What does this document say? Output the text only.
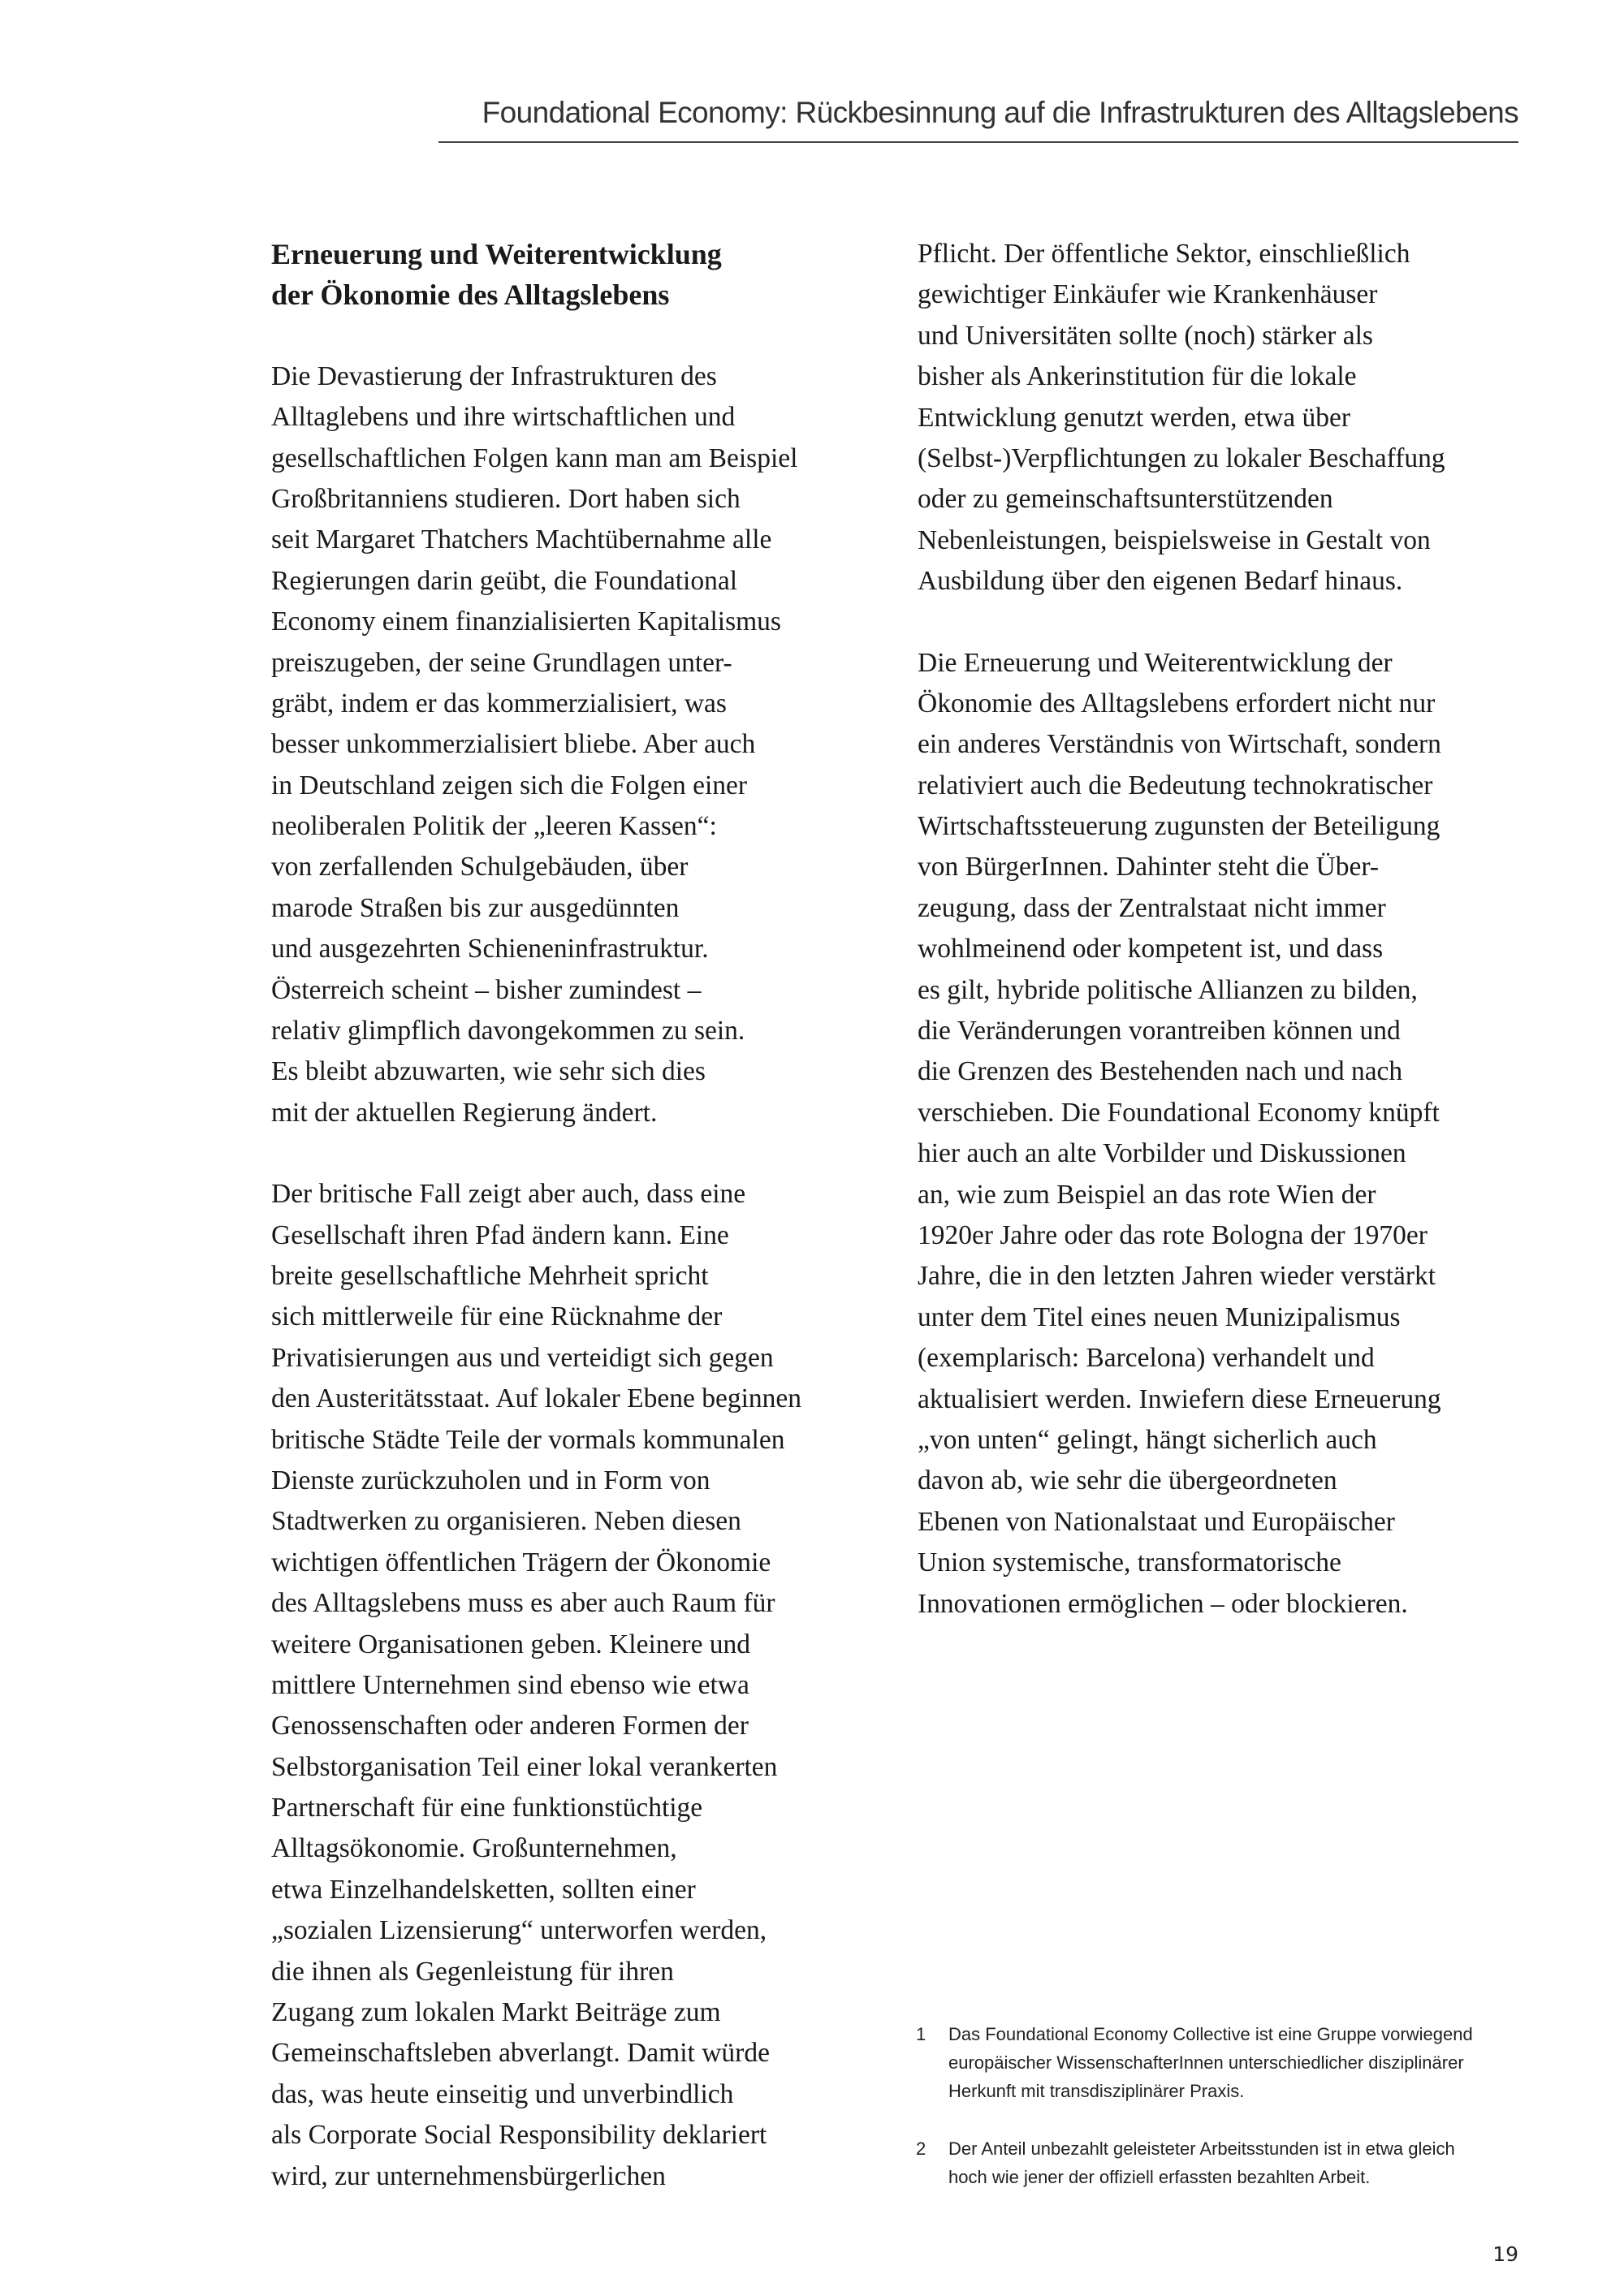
Foundational Economy: Rückbesinnung auf die Infrastrukturen des Alltagslebens
Erneuerung und Weiterentwicklung
der Ökonomie des Alltagslebens
Die Devastierung der Infrastrukturen des
Alltaglebens und ihre wirtschaftlichen und
gesellschaftlichen Folgen kann man am Beispiel
Großbritanniens studieren. Dort haben sich
seit Margaret Thatchers Machtübernahme alle
Regierungen darin geübt, die Foundational
Economy einem finanzialisierten Kapitalismus
preiszugeben, der seine Grundlagen unter-
gräbt, indem er das kommerzialisiert, was
besser unkommerzialisiert bliebe. Aber auch
in Deutschland zeigen sich die Folgen einer
neoliberalen Politik der „leeren Kassen“:
von zerfallenden Schulgebäuden, über
marode Straßen bis zur ausgedünnten
und ausgezehrten Schieneninfrastruktur.
Österreich scheint – bisher zumindest –
relativ glimpflich davongekommen zu sein.
Es bleibt abzuwarten, wie sehr sich dies
mit der aktuellen Regierung ändert.
Der britische Fall zeigt aber auch, dass eine
Gesellschaft ihren Pfad ändern kann. Eine
breite gesellschaftliche Mehrheit spricht
sich mittlerweile für eine Rücknahme der
Privatisierungen aus und verteidigt sich gegen
den Austeritätsstaat. Auf lokaler Ebene beginnen
britische Städte Teile der vormals kommunalen
Dienste zurückzuholen und in Form von
Stadtwerken zu organisieren. Neben diesen
wichtigen öffentlichen Trägern der Ökonomie
des Alltagslebens muss es aber auch Raum für
weitere Organisationen geben. Kleinere und
mittlere Unternehmen sind ebenso wie etwa
Genossenschaften oder anderen Formen der
Selbstorganisation Teil einer lokal verankerten
Partnerschaft für eine funktionstüchtige
Alltagsökonomie. Großunternehmen,
etwa Einzelhandelsketten, sollten einer
„sozialen Lizensierung“ unterworfen werden,
die ihnen als Gegenleistung für ihren
Zugang zum lokalen Markt Beiträge zum
Gemeinschaftsleben abverlangt. Damit würde
das, was heute einseitig und unverbindlich
als Corporate Social Responsibility deklariert
wird, zur unternehmensbürgerlichen
Pflicht. Der öffentliche Sektor, einschließlich
gewichtiger Einkäufer wie Krankenhäuser
und Universitäten sollte (noch) stärker als
bisher als Ankerinstitution für die lokale
Entwicklung genutzt werden, etwa über
(Selbst-)Verpflichtungen zu lokaler Beschaffung
oder zu gemeinschaftsunterstützenden
Nebenleistungen, beispielsweise in Gestalt von
Ausbildung über den eigenen Bedarf hinaus.
Die Erneuerung und Weiterentwicklung der
Ökonomie des Alltagslebens erfordert nicht nur
ein anderes Verständnis von Wirtschaft, sondern
relativiert auch die Bedeutung technokratischer
Wirtschaftssteuerung zugunsten der Beteiligung
von BürgerInnen. Dahinter steht die Über-
zeugung, dass der Zentralstaat nicht immer
wohlmeinend oder kompetent ist, und dass
es gilt, hybride politische Allianzen zu bilden,
die Veränderungen vorantreiben können und
die Grenzen des Bestehenden nach und nach
verschieben. Die Foundational Economy knüpft
hier auch an alte Vorbilder und Diskussionen
an, wie zum Beispiel an das rote Wien der
1920er Jahre oder das rote Bologna der 1970er
Jahre, die in den letzten Jahren wieder verstärkt
unter dem Titel eines neuen Munizipalismus
(exemplarisch: Barcelona) verhandelt und
aktualisiert werden. Inwiefern diese Erneuerung
„von unten“ gelingt, hängt sicherlich auch
davon ab, wie sehr die übergeordneten
Ebenen von Nationalstaat und Europäischer
Union systemische, transformatorische
Innovationen ermöglichen – oder blockieren.
1 Das Foundational Economy Collective ist eine Gruppe vorwiegend
europäischer WissenschafterInnen unterschiedlicher disziplinärer
Herkunft mit transdisziplinärer Praxis.
2 Der Anteil unbezahlt geleisteter Arbeitsstunden ist in etwa gleich
hoch wie jener der offiziell erfassten bezahlten Arbeit.
19
